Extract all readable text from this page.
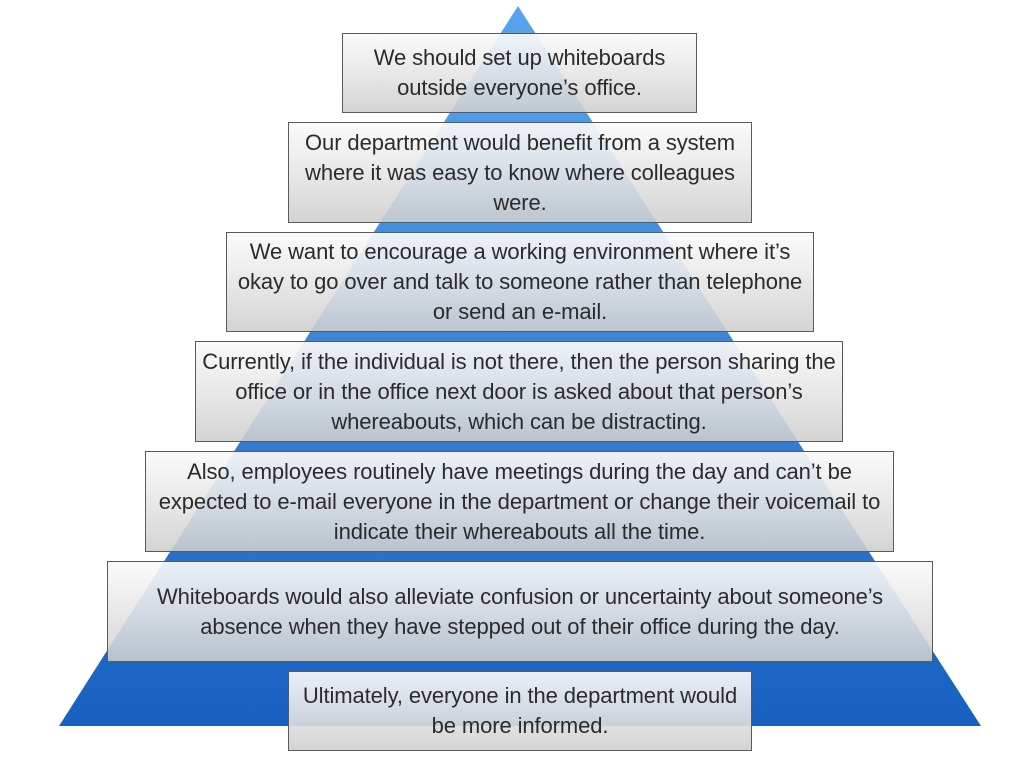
We should set up whiteboards outside everyone’s office.
Our department would benefit from a system where it was easy to know where colleagues were.
We want to encourage a working environment where it’s okay to go over and talk to someone rather than telephone or send an e-mail.
Currently, if the individual is not there, then the person sharing the office or in the office next door is asked about that person’s whereabouts, which can be distracting.
Also, employees routinely have meetings during the day and can’t be expected to e-mail everyone in the department or change their voicemail to indicate their whereabouts all the time.
Whiteboards would also alleviate confusion or uncertainty about someone’s absence when they have stepped out of their office during the day.
Ultimately, everyone in the department would be more informed.
